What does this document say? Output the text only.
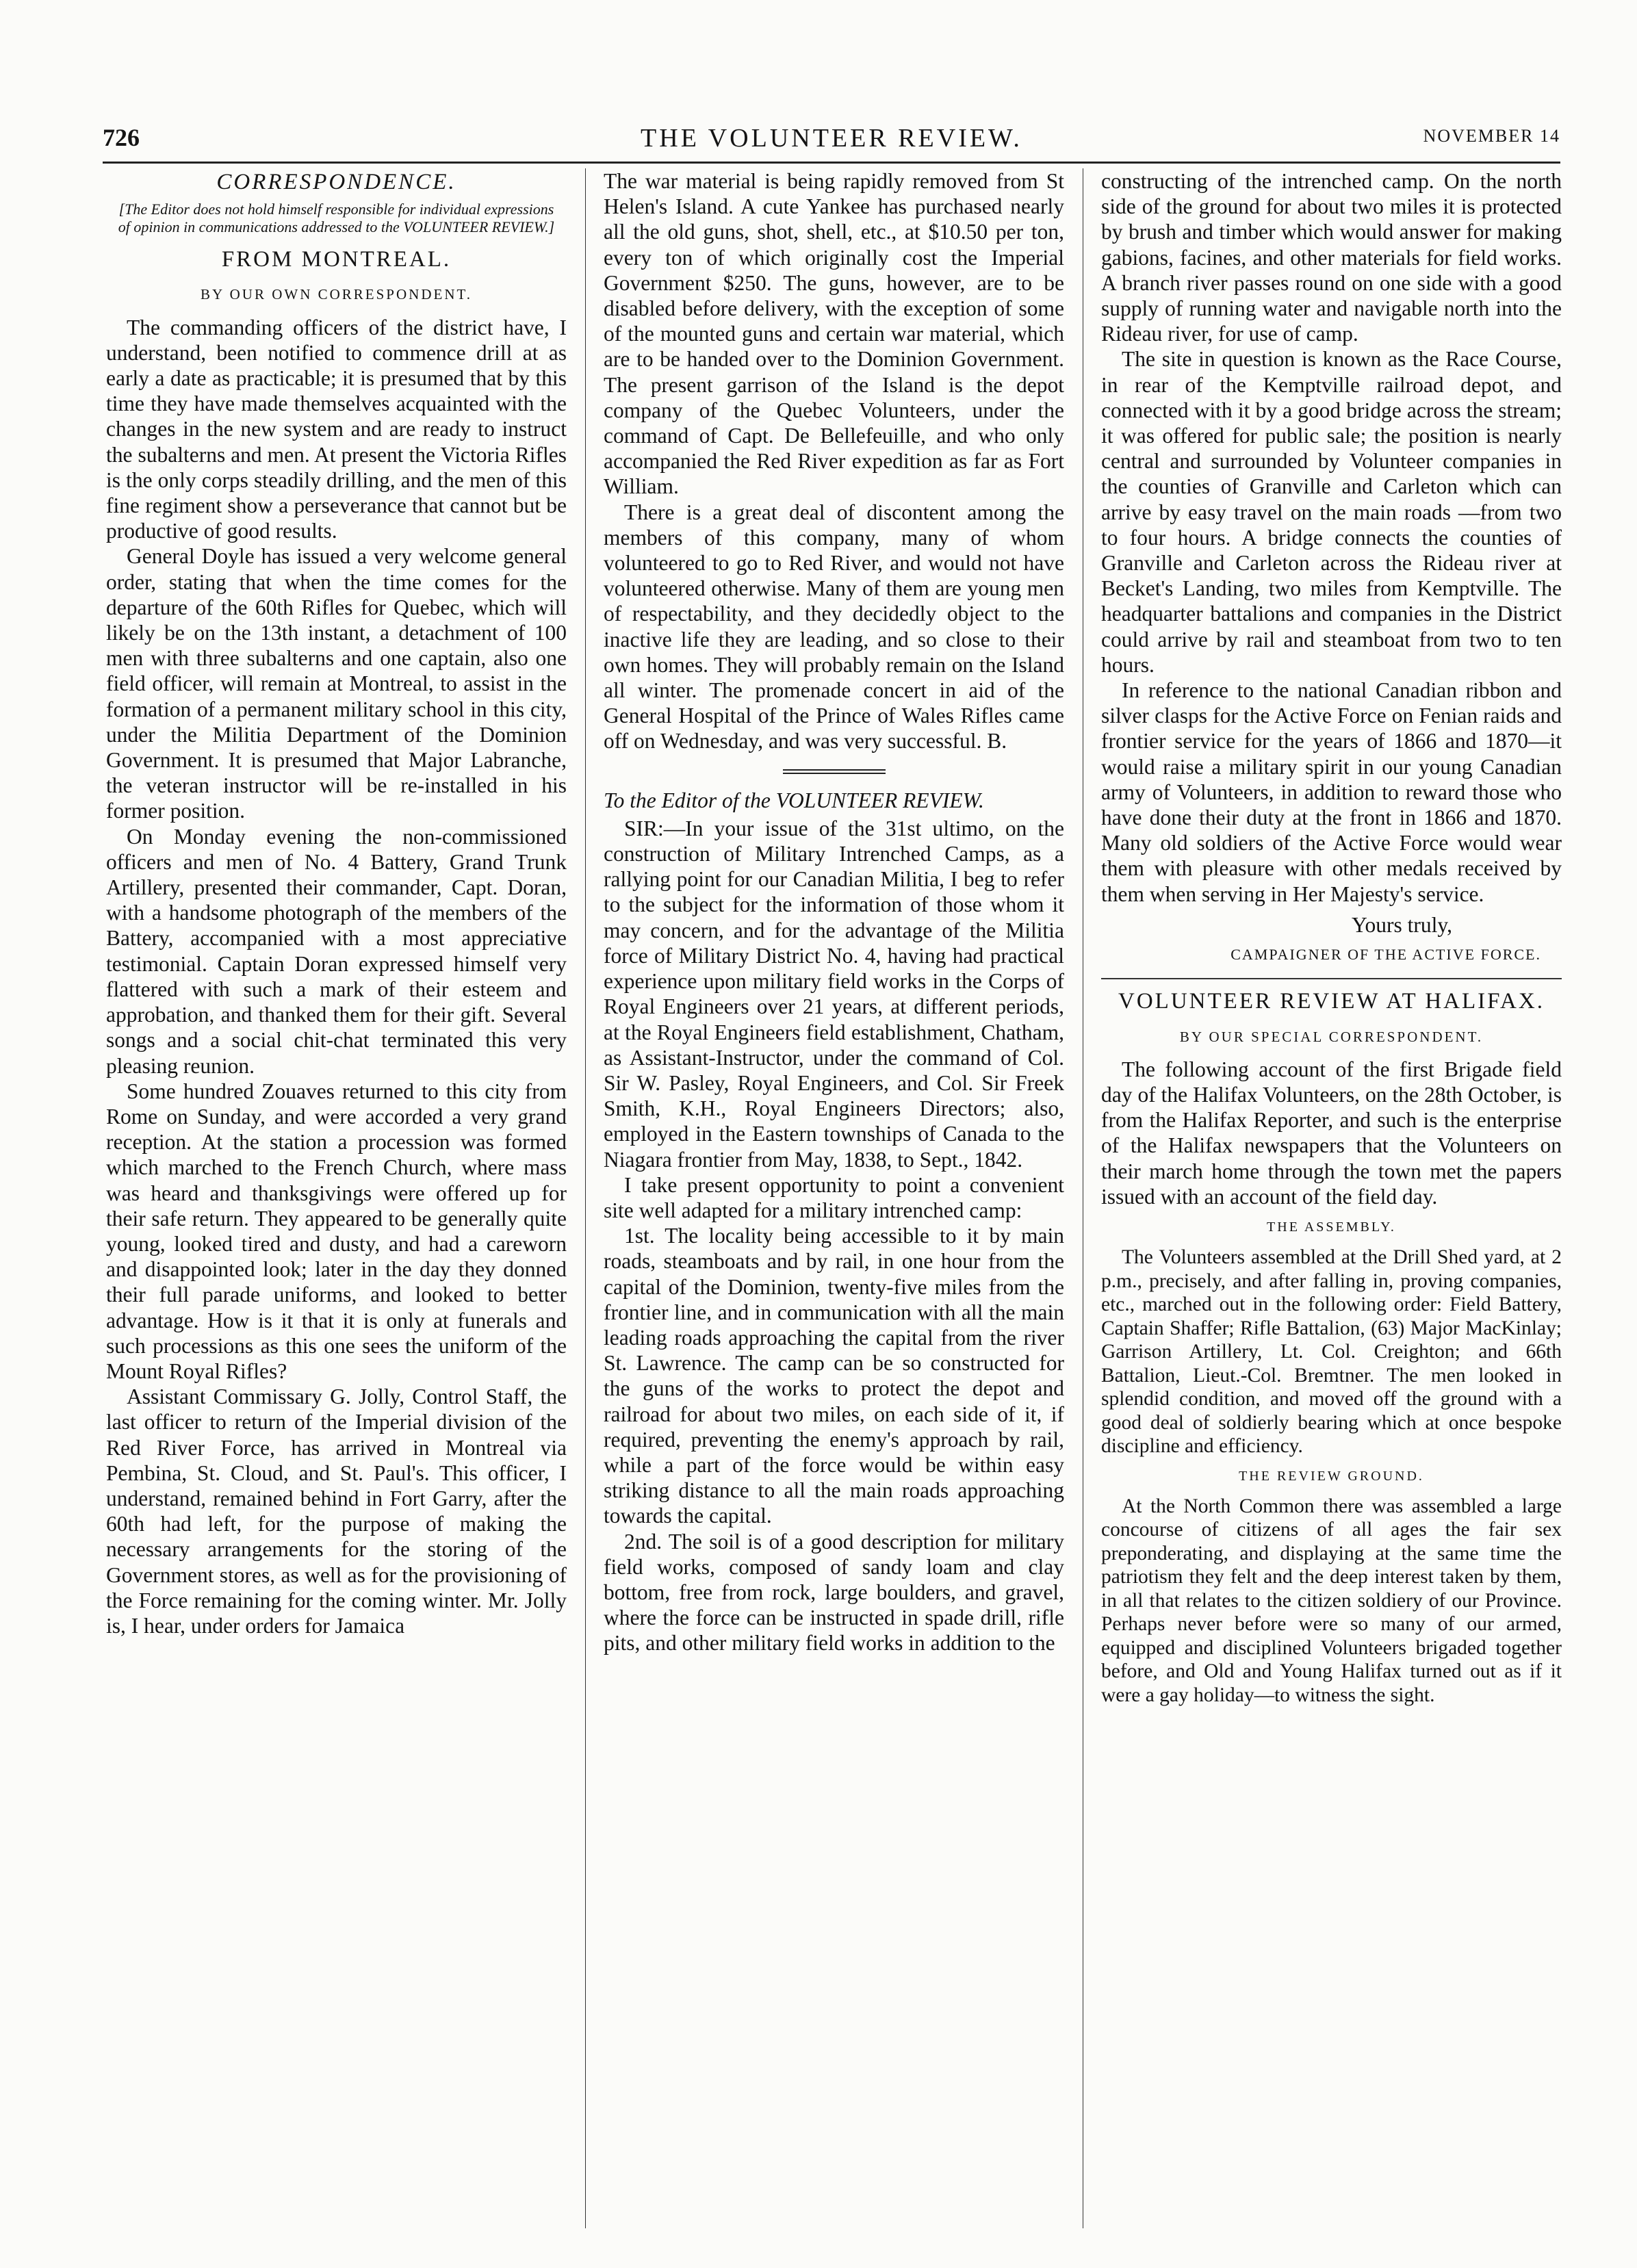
726	THE VOLUNTEER REVIEW.	NOVEMBER 14
CORRESPONDENCE.
[The Editor does not hold himself responsible for individual expressions of opinion in communications addressed to the VOLUNTEER REVIEW.]
FROM MONTREAL.
BY OUR OWN CORRESPONDENT.

The commanding officers of the district have, I understand, been notified to commence drill at as early a date as practicable; it is presumed that by this time they have made themselves acquainted with the changes in the new system and are ready to instruct the subalterns and men. At present the Victoria Rifles is the only corps steadily drilling, and the men of this fine regiment show a perseverance that cannot but be productive of good results.

General Doyle has issued a very welcome general order, stating that when the time comes for the departure of the 60th Rifles for Quebec, which will likely be on the 13th instant, a detachment of 100 men with three subalterns and one captain, also one field officer, will remain at Montreal, to assist in the formation of a permanent military school in this city, under the Militia Department of the Dominion Government. It is presumed that Major Labranche, the veteran instructor will be re-installed in his former position.

On Monday evening the non-commissioned officers and men of No. 4 Battery, Grand Trunk Artillery, presented their commander, Capt. Doran, with a handsome photograph of the members of the Battery, accompanied with a most appreciative testimonial. Captain Doran expressed himself very flattered with such a mark of their esteem and approbation, and thanked them for their gift. Several songs and a social chit-chat terminated this very pleasing reunion.

Some hundred Zouaves returned to this city from Rome on Sunday, and were accorded a very grand reception. At the station a procession was formed which marched to the French Church, where mass was heard and thanksgivings were offered up for their safe return. They appeared to be generally quite young, looked tired and dusty, and had a careworn and disappointed look; later in the day they donned their full parade uniforms, and looked to better advantage. How is it that it is only at funerals and such processions as this one sees the uniform of the Mount Royal Rifles?

Assistant Commissary G. Jolly, Control Staff, the last officer to return of the Imperial division of the Red River Force, has arrived in Montreal via Pembina, St. Cloud, and St. Paul's. This officer, I understand, remained behind in Fort Garry, after the 60th had left, for the purpose of making the necessary arrangements for the storing of the Government stores, as well as for the provisioning of the Force remaining for the coming winter. Mr. Jolly is, I hear, under orders for Jamaica

The war material is being rapidly removed from St Helen's Island. A cute Yankee has purchased nearly all the old guns, shot, shell, etc., at $10.50 per ton, every ton of which originally cost the Imperial Government $250. The guns, however, are to be disabled before delivery, with the exception of some of the mounted guns and certain war material, which are to be handed over to the Dominion Government. The present garrison of the Island is the depot company of the Quebec Volunteers, under the command of Capt. De Bellefeuille, and who only accompanied the Red River expedition as far as Fort William.

There is a great deal of discontent among the members of this company, many of whom volunteered to go to Red River, and would not have volunteered otherwise. Many of them are young men of respectability, and they decidedly object to the inactive life they are leading, and so close to their own homes. They will probably remain on the Island all winter. The promenade concert in aid of the General Hospital of the Prince of Wales Rifles came off on Wednesday, and was very successful. B.

To the Editor of the VOLUNTEER REVIEW.

SIR:—In your issue of the 31st ultimo, on the construction of Military Intrenched Camps, as a rallying point for our Canadian Militia, I beg to refer to the subject for the information of those whom it may concern, and for the advantage of the Militia force of Military District No. 4, having had practical experience upon military field works in the Corps of Royal Engineers over 21 years, at different periods, at the Royal Engineers field establishment, Chatham, as Assistant-Instructor, under the command of Col. Sir W. Pasley, Royal Engineers, and Col. Sir Freek Smith, K.H., Royal Engineers Directors; also, employed in the Eastern townships of Canada to the Niagara frontier from May, 1838, to Sept., 1842.

I take present opportunity to point a convenient site well adapted for a military intrenched camp:

1st. The locality being accessible to it by main roads, steamboats and by rail, in one hour from the capital of the Dominion, twenty-five miles from the frontier line, and in communication with all the main leading roads approaching the capital from the river St. Lawrence. The camp can be so constructed for the guns of the works to protect the depot and railroad for about two miles, on each side of it, if required, preventing the enemy's approach by rail, while a part of the force would be within easy striking distance to all the main roads approaching towards the capital.

2nd. The soil is of a good description for military field works, composed of sandy loam and clay bottom, free from rock, large boulders, and gravel, where the force can be instructed in spade drill, rifle pits, and other military field works in addition to the

constructing of the intrenched camp. On the north side of the ground for about two miles it is protected by brush and timber which would answer for making gabions, facines, and other materials for field works. A branch river passes round on one side with a good supply of running water and navigable north into the Rideau river, for use of camp.

The site in question is known as the Race Course, in rear of the Kemptville railroad depot, and connected with it by a good bridge across the stream; it was offered for public sale; the position is nearly central and surrounded by Volunteer companies in the counties of Granville and Carleton which can arrive by easy travel on the main roads —from two to four hours. A bridge connects the counties of Granville and Carleton across the Rideau river at Becket's Landing, two miles from Kemptville. The headquarter battalions and companies in the District could arrive by rail and steamboat from two to ten hours.

In reference to the national Canadian ribbon and silver clasps for the Active Force on Fenian raids and frontier service for the years of 1866 and 1870—it would raise a military spirit in our young Canadian army of Volunteers, in addition to reward those who have done their duty at the front in 1866 and 1870. Many old soldiers of the Active Force would wear them with pleasure with other medals received by them when serving in Her Majesty's service.

Yours truly,

CAMPAIGNER OF THE ACTIVE FORCE.

VOLUNTEER REVIEW AT HALIFAX.
BY OUR SPECIAL CORRESPONDENT.

The following account of the first Brigade field day of the Halifax Volunteers, on the 28th October, is from the Halifax Reporter, and such is the enterprise of the Halifax newspapers that the Volunteers on their march home through the town met the papers issued with an account of the field day.

THE ASSEMBLY.

The Volunteers assembled at the Drill Shed yard, at 2 p.m., precisely, and after falling in, proving companies, etc., marched out in the following order: Field Battery, Captain Shaffer; Rifle Battalion, (63) Major MacKinlay; Garrison Artillery, Lt. Col. Creighton; and 66th Battalion, Lieut.-Col. Bremtner. The men looked in splendid condition, and moved off the ground with a good deal of soldierly bearing which at once bespoke discipline and efficiency.

THE REVIEW GROUND.

At the North Common there was assembled a large concourse of citizens of all ages the fair sex preponderating, and displaying at the same time the patriotism they felt and the deep interest taken by them, in all that relates to the citizen soldiery of our Province. Perhaps never before were so many of our armed, equipped and disciplined Volunteers brigaded together before, and Old and Young Halifax turned out as if it were a gay holiday—to witness the sight.
